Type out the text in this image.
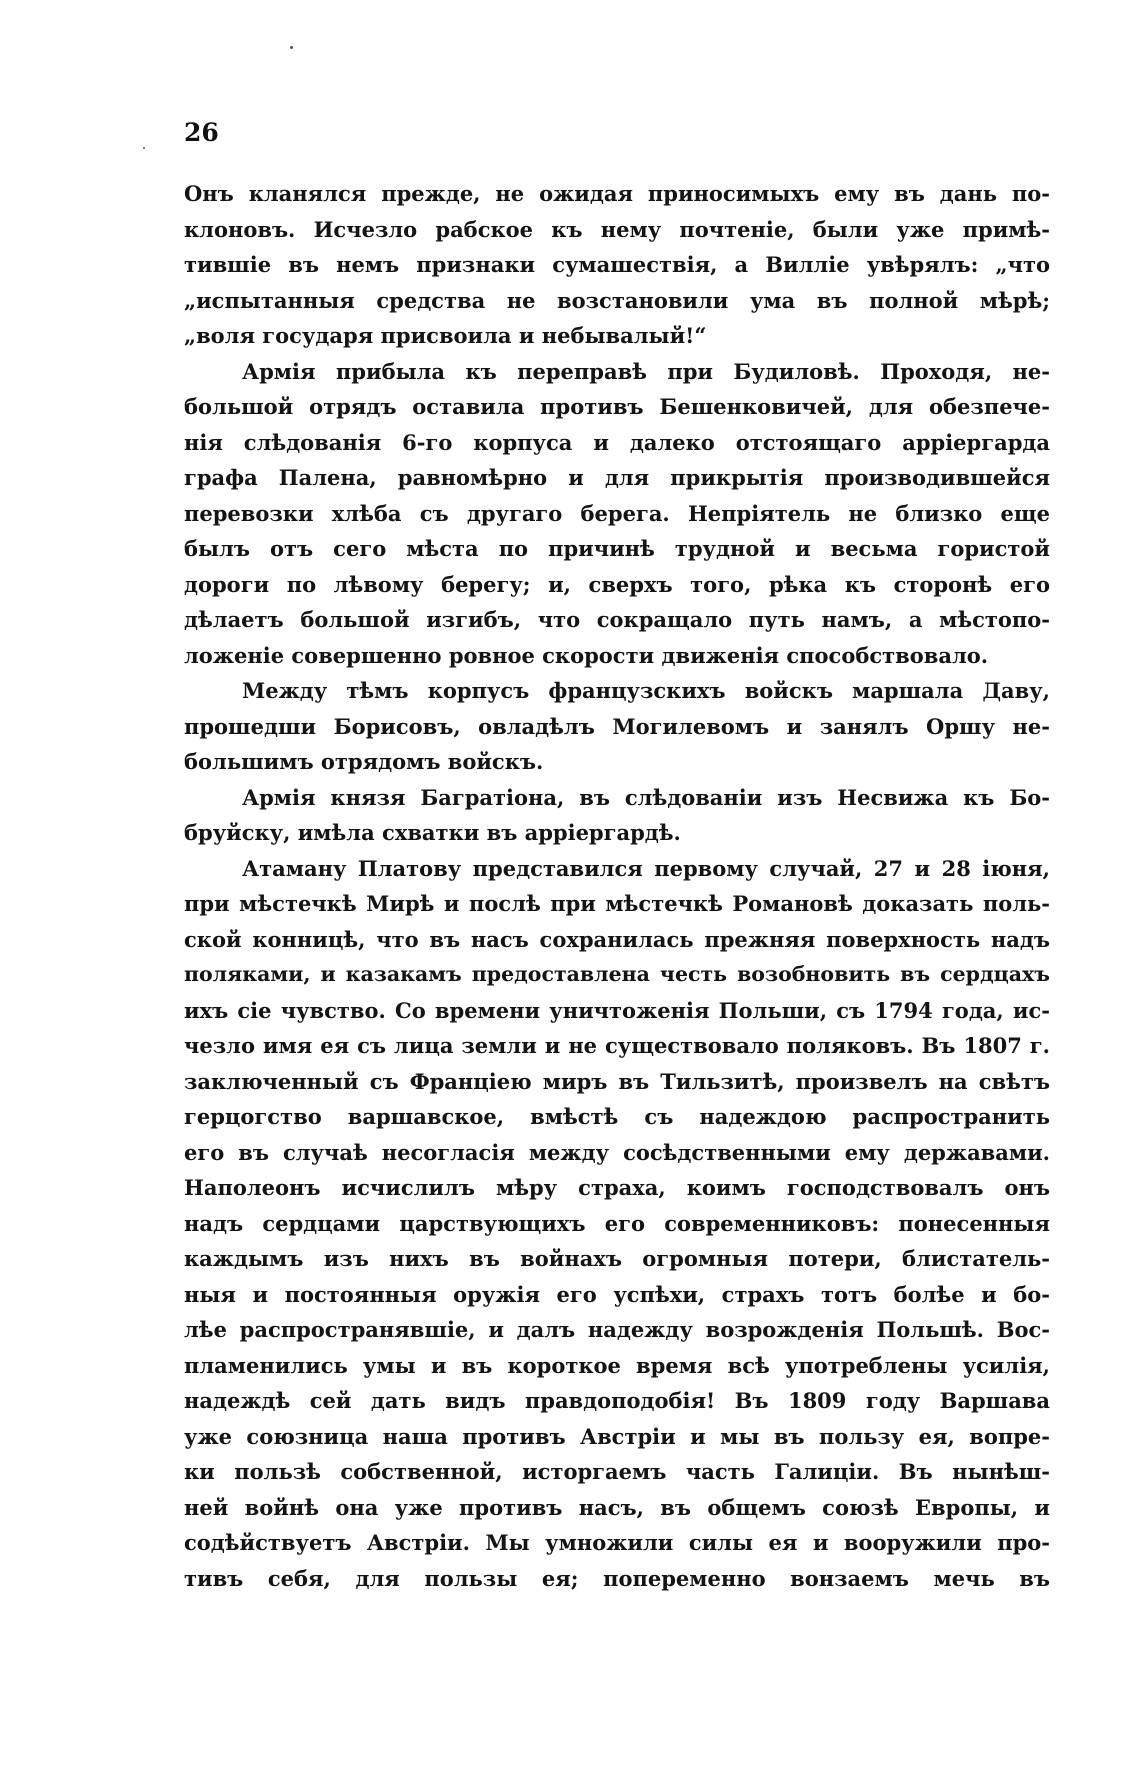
26
Онъ кланялся прежде, не ожидая приносимыхъ ему въ дань по-
клоновъ. Исчезло рабское къ нему почтеніе, были уже примѣ-
тившіе въ немъ признаки сумашествія, а Вилліе увѣрялъ: „что
„испытанныя средства не возстановили ума въ полной мѣрѣ;
„воля государя присвоила и небывалый!“
Армія прибыла къ переправѣ при Будиловѣ. Проходя, не-
большой отрядъ оставила противъ Бешенковичей, для обезпече-
нія слѣдованія 6-го корпуса и далеко отстоящаго арріергарда
графа Палена, равномѣрно и для прикрытія производившейся
перевозки хлѣба съ другаго берега. Непріятель не близко еще
былъ отъ сего мѣста по причинѣ трудной и весьма гористой
дороги по лѣвому берегу; и, сверхъ того, рѣка къ сторонѣ его
дѣлаетъ большой изгибъ, что сокращало путь намъ, а мѣстопо-
ложеніе совершенно ровное скорости движенія способствовало.
Между тѣмъ корпусъ французскихъ войскъ маршала Даву,
прошедши Борисовъ, овладѣлъ Могилевомъ и занялъ Оршу не-
большимъ отрядомъ войскъ.
Армія князя Багратіона, въ слѣдованіи изъ Несвижа къ Бо-
бруйску, имѣла схватки въ арріергардѣ.
Атаману Платову представился первому случай, 27 и 28 іюня,
при мѣстечкѣ Мирѣ и послѣ при мѣстечкѣ Романовѣ доказать поль-
ской конницѣ, что въ насъ сохранилась прежняя поверхность надъ
поляками, и казакамъ предоставлена честь возобновить въ сердцахъ
ихъ сіе чувство. Со времени уничтоженія Польши, съ 1794 года, ис-
чезло имя ея съ лица земли и не существовало поляковъ. Въ 1807 г.
заключенный съ Франціею миръ въ Тильзитѣ, произвелъ на свѣтъ
герцогство варшавское, вмѣстѣ съ надеждою распространить
его въ случаѣ несогласія между сосѣдственными ему державами.
Наполеонъ исчислилъ мѣру страха, коимъ господствовалъ онъ
надъ сердцами царствующихъ его современниковъ: понесенныя
каждымъ изъ нихъ въ войнахъ огромныя потери, блистатель-
ныя и постоянныя оружія его успѣхи, страхъ тотъ болѣе и бо-
лѣе распространявшіе, и далъ надежду возрожденія Польшѣ. Вос-
пламенились умы и въ короткое время всѣ употреблены усилія,
надеждѣ сей дать видъ правдоподобія! Въ 1809 году Варшава
уже союзница наша противъ Австріи и мы въ пользу ея, вопре-
ки пользѣ собственной, исторгаемъ часть Галиціи. Въ нынѣш-
ней войнѣ она уже противъ насъ, въ общемъ союзѣ Европы, и
содѣйствуетъ Австріи. Мы умножили силы ея и вооружили про-
тивъ себя, для пользы ея; попеременно вонзаемъ мечь въ
